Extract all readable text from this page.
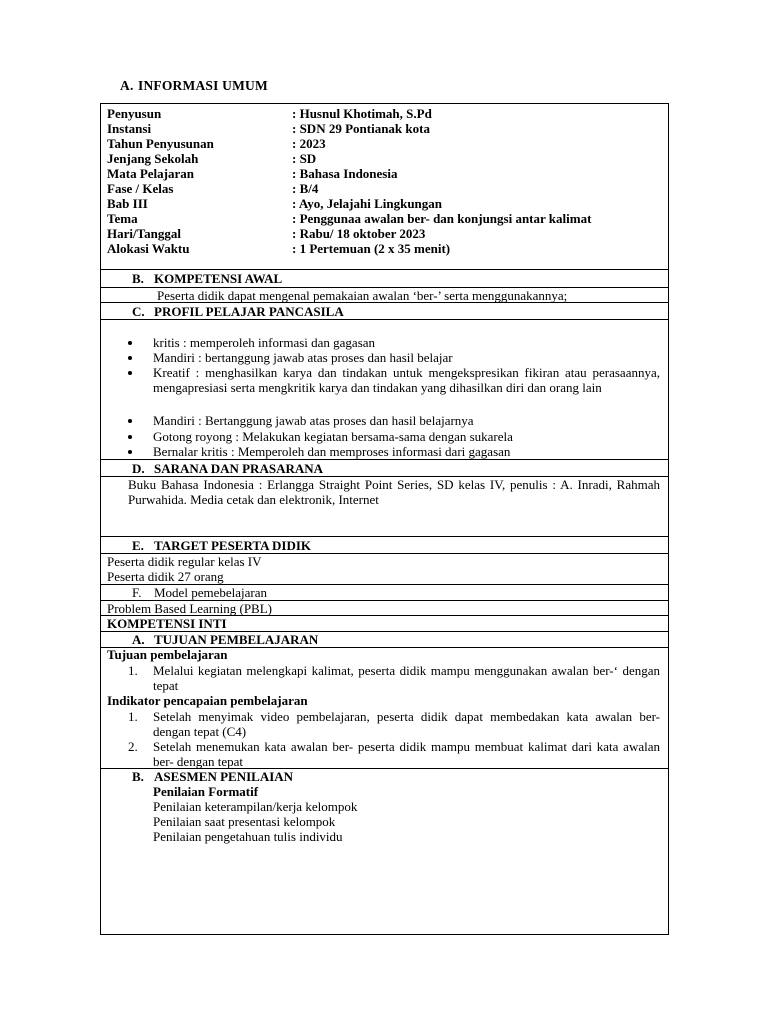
A. INFORMASI UMUM
Penyusun	: Husnul Khotimah, S.Pd
Instansi	: SDN 29 Pontianak kota
Tahun Penyusunan	: 2023
Jenjang Sekolah	: SD
Mata Pelajaran	: Bahasa Indonesia
Fase / Kelas	: B/4
Bab III	: Ayo, Jelajahi Lingkungan
Tema	: Penggunaa awalan ber- dan konjungsi antar kalimat
Hari/Tanggal	: Rabu/ 18 oktober 2023
Alokasi Waktu	: 1 Pertemuan (2 x 35 menit)
B. KOMPETENSI AWAL
Peserta didik dapat mengenal pemakaian awalan ‘ber-’ serta menggunakannya;
C. PROFIL PELAJAR PANCASILA
kritis : memperoleh informasi dan gagasan
Mandiri : bertanggung jawab atas proses dan hasil belajar
Kreatif : menghasilkan karya dan tindakan untuk mengekspresikan fikiran atau perasaannya, mengapresiasi serta mengkritik karya dan tindakan yang dihasilkan diri dan orang lain
Mandiri : Bertanggung jawab atas proses dan hasil belajarnya
Gotong royong : Melakukan kegiatan bersama-sama dengan sukarela
Bernalar kritis : Memperoleh dan memproses informasi dari gagasan
D. SARANA DAN PRASARANA
Buku Bahasa Indonesia : Erlangga Straight Point Series, SD kelas IV, penulis : A. Inradi, Rahmah Purwahida. Media cetak dan elektronik, Internet
E. TARGET PESERTA DIDIK
Peserta didik regular kelas IV
Peserta didik 27 orang
F. Model pemebelajaran
Problem Based Learning (PBL)
KOMPETENSI INTI
A. TUJUAN PEMBELAJARAN
Tujuan pembelajaran
1. Melalui kegiatan melengkapi kalimat, peserta didik mampu menggunakan awalan ber-‘ dengan tepat
Indikator pencapaian pembelajaran
1. Setelah menyimak video pembelajaran, peserta didik dapat membedakan kata awalan ber- dengan tepat (C4)
2. Setelah menemukan kata awalan ber- peserta didik mampu membuat kalimat dari kata awalan ber- dengan tepat
B. ASESMEN PENILAIAN
Penilaian Formatif
Penilaian keterampilan/kerja kelompok
Penilaian saat presentasi kelompok
Penilaian pengetahuan tulis individu
